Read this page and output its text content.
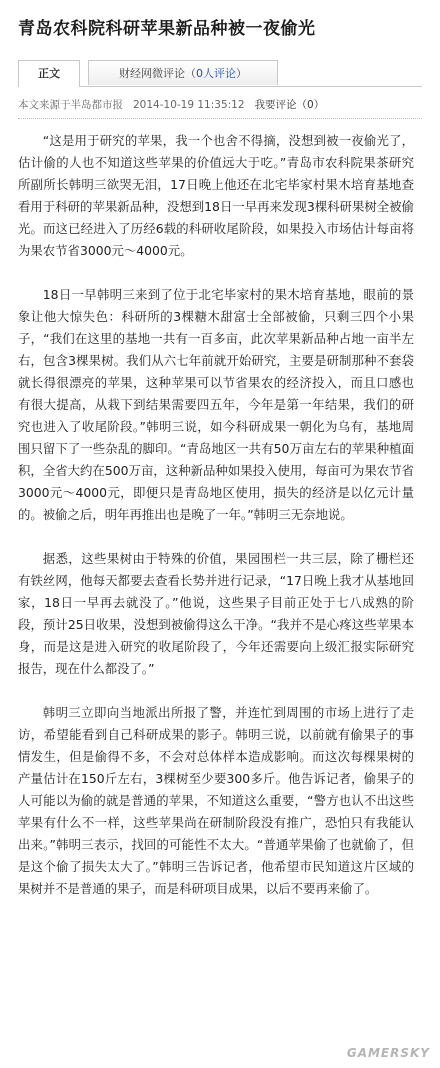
青岛农科院科研苹果新品种被一夜偷光
正文	财经网微评论（0人评论）
本文来源于半岛都市报 2014-10-19 11:35:12 我要评论（0）

“这是用于研究的苹果，我一个也舍不得摘，没想到被一夜偷光了，估计偷的人也不知道这些苹果的价值远大于吃。”青岛市农科院果茶研究所副所长韩明三欲哭无泪，17日晚上他还在北宅毕家村果木培育基地查看用于科研的苹果新品种，没想到18日一早再来发现3棵科研果树全被偷光。而这已经进入了历经6载的科研收尾阶段，如果投入市场估计每亩将为果农节省3000元～4000元。

18日一早韩明三来到了位于北宅毕家村的果木培育基地，眼前的景象让他大惊失色：科研所的3棵糖木甜富士全部被偷，只剩三四个小果子，“我们在这里的基地一共有一百多亩，此次苹果新品种占地一亩半左右，包含3棵果树。我们从六七年前就开始研究，主要是研制那种不套袋就长得很漂亮的苹果，这种苹果可以节省果农的经济投入，而且口感也有很大提高，从栽下到结果需要四五年，今年是第一年结果，我们的研究也进入了收尾阶段。”韩明三说，如今科研成果一朝化为乌有，基地周围只留下了一些杂乱的脚印。“青岛地区一共有50万亩左右的苹果种植面积，全省大约在500万亩，这种新品种如果投入使用，每亩可为果农节省3000元～4000元，即便只是青岛地区使用，损失的经济是以亿元计量的。被偷之后，明年再推出也是晚了一年。”韩明三无奈地说。

据悉，这些果树由于特殊的价值，果园围栏一共三层，除了栅栏还有铁丝网，他每天都要去查看长势并进行记录，“17日晚上我才从基地回家，18日一早再去就没了。”他说，这些果子目前正处于七八成熟的阶段，预计25日收果，没想到被偷得这么干净。“我并不是心疼这些苹果本身，而是这是进入研究的收尾阶段了，今年还需要向上级汇报实际研究报告，现在什么都没了。”

韩明三立即向当地派出所报了警，并连忙到周围的市场上进行了走访，希望能看到自己科研成果的影子。韩明三说，以前就有偷果子的事情发生，但是偷得不多，不会对总体样本造成影响。而这次每棵果树的产量估计在150斤左右，3棵树至少要300多斤。他告诉记者，偷果子的人可能以为偷的就是普通的苹果，不知道这么重要，“警方也认不出这些苹果有什么不一样，这些苹果尚在研制阶段没有推广，恐怕只有我能认出来。”韩明三表示，找回的可能性不太大。“普通苹果偷了也就偷了，但是这个偷了损失太大了。”韩明三告诉记者，他希望市民知道这片区域的果树并不是普通的果子，而是科研项目成果，以后不要再来偷了。

GAMERSKY
